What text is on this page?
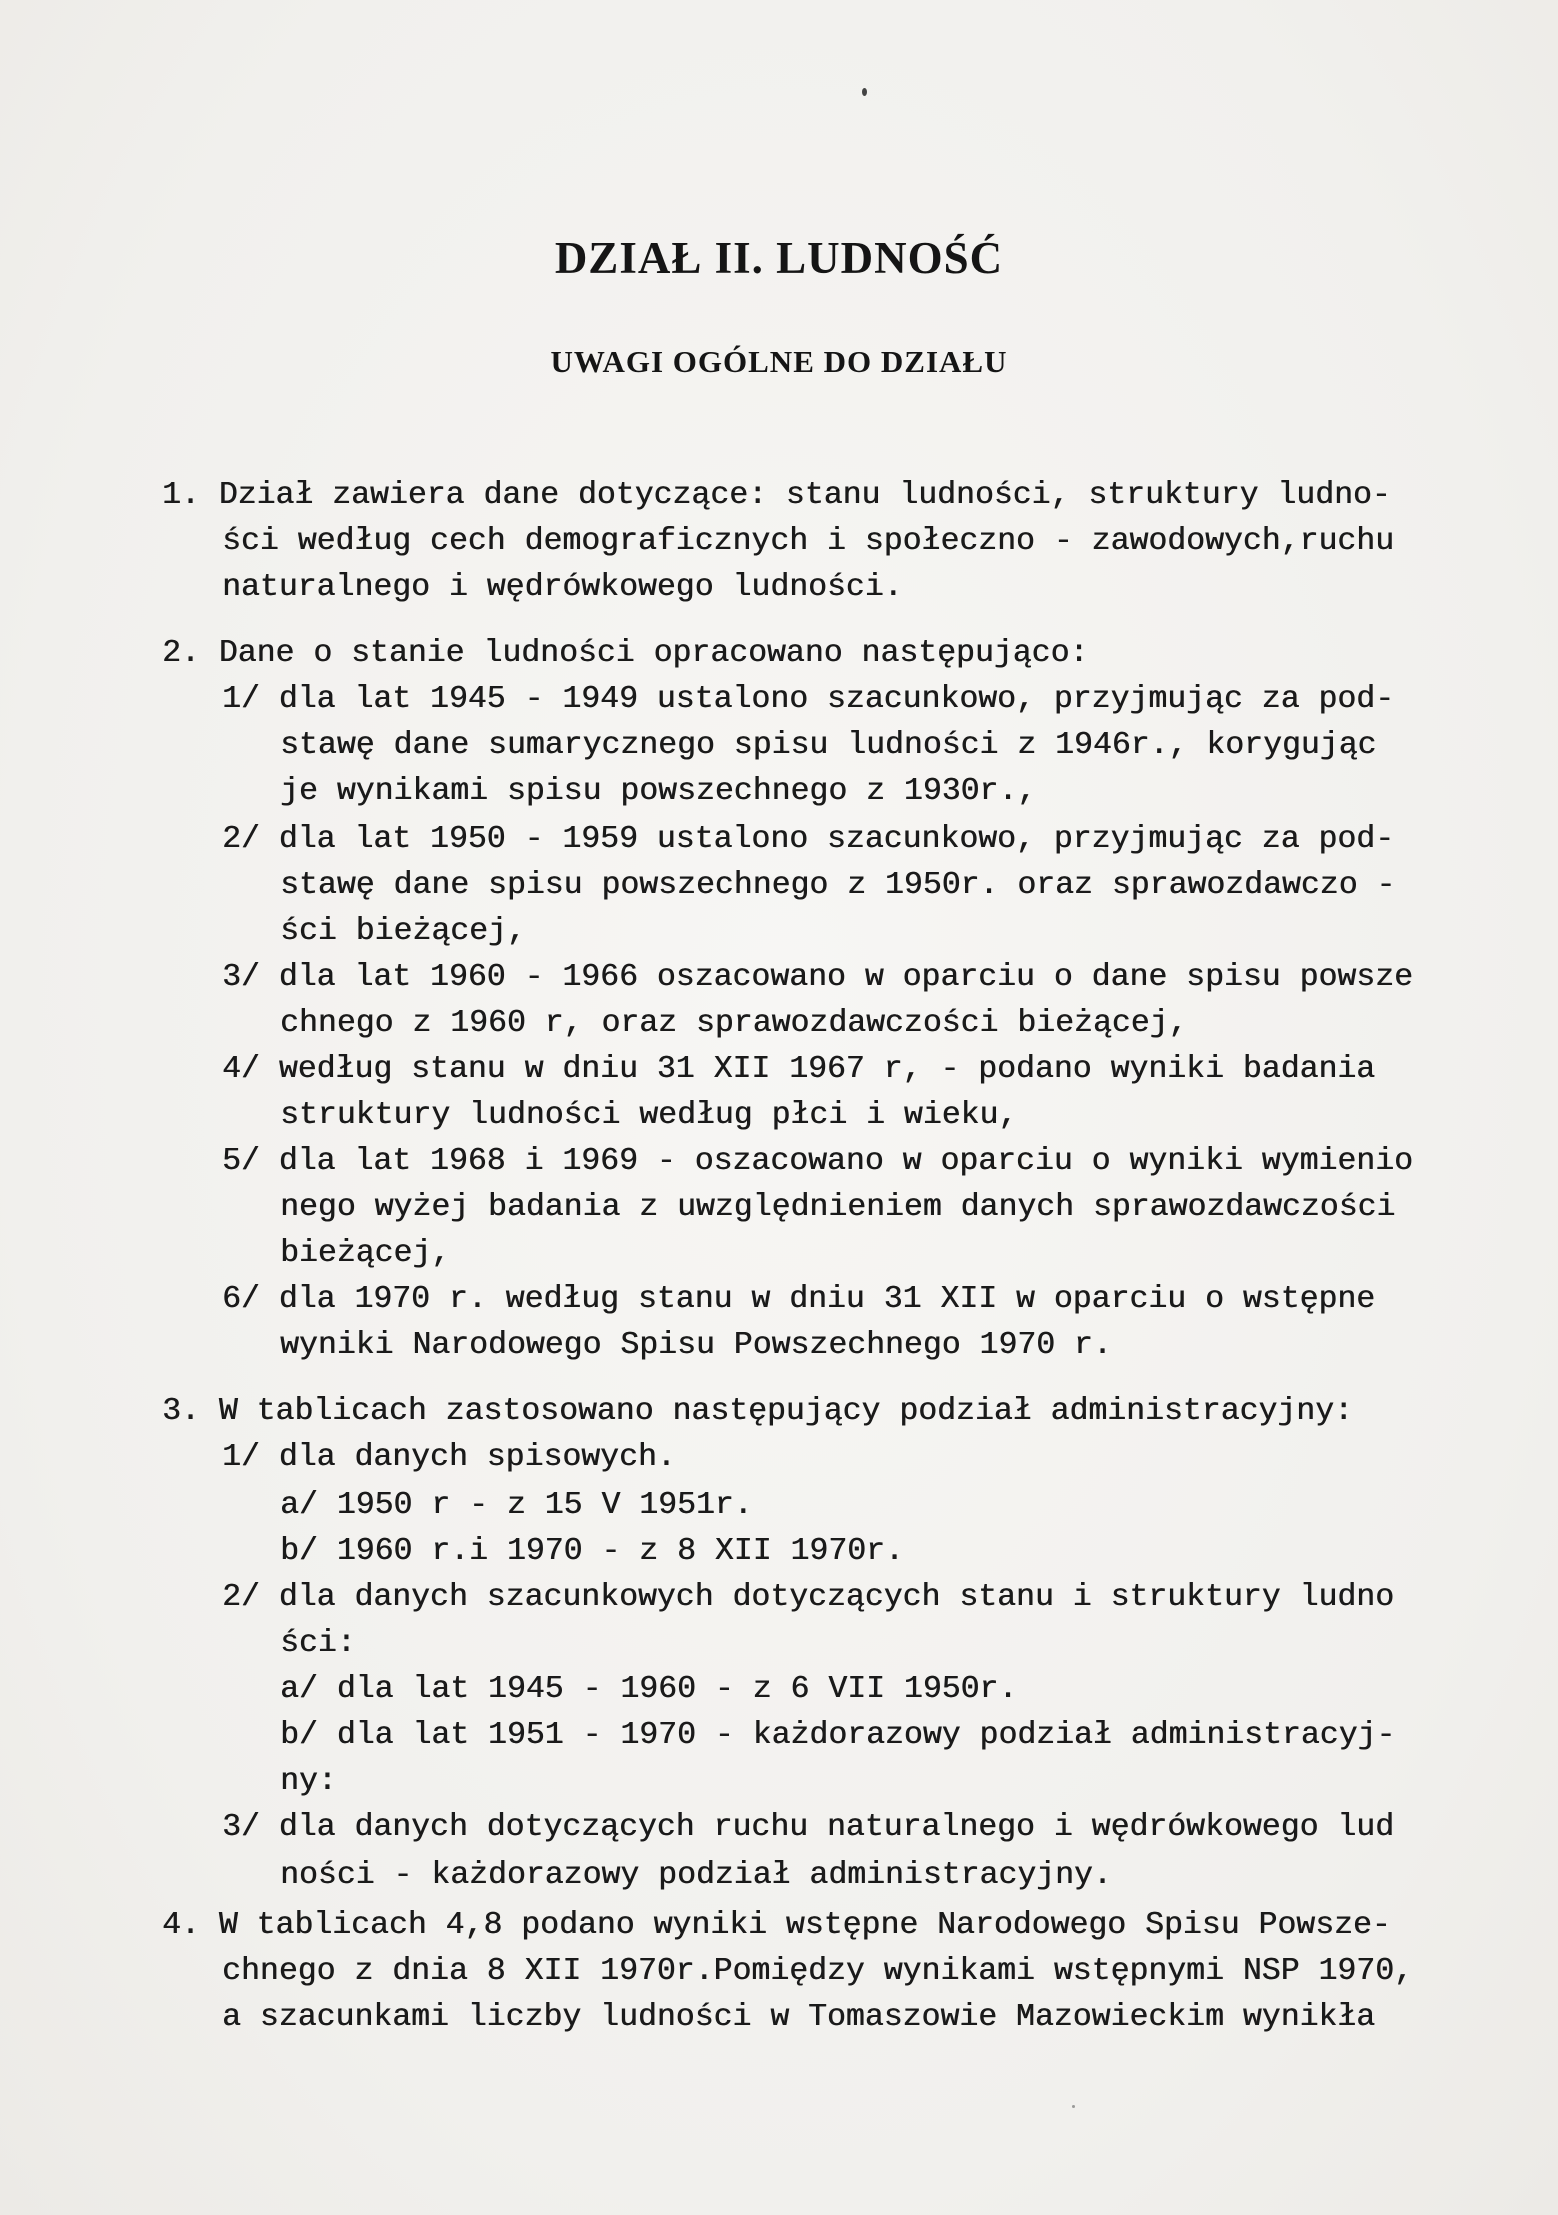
DZIAŁ II. LUDNOŚĆ
UWAGI OGÓLNE DO DZIAŁU
1. Dział zawiera dane dotyczące: stanu ludności, struktury ludno-
ści według cech demograficznych i społeczno - zawodowych,ruchu
naturalnego i wędrówkowego ludności.
2. Dane o stanie ludności opracowano następująco:
1/ dla lat 1945 - 1949 ustalono szacunkowo, przyjmując za pod-
stawę dane sumarycznego spisu ludności z 1946r., korygując
je wynikami spisu powszechnego z 1930r.,
2/ dla lat 1950 - 1959 ustalono szacunkowo, przyjmując za pod-
stawę dane spisu powszechnego z 1950r. oraz sprawozdawczo -
ści bieżącej,
3/ dla lat 1960 - 1966 oszacowano w oparciu o dane spisu powsze
chnego z 1960 r, oraz sprawozdawczości bieżącej,
4/ według stanu w dniu 31 XII 1967 r, - podano wyniki badania
struktury ludności według płci i wieku,
5/ dla lat 1968 i 1969 - oszacowano w oparciu o wyniki wymienio
nego wyżej badania z uwzględnieniem danych sprawozdawczości
bieżącej,
6/ dla 1970 r. według stanu w dniu 31 XII w oparciu o wstępne
wyniki Narodowego Spisu Powszechnego 1970 r.
3. W tablicach zastosowano następujący podział administracyjny:
1/ dla danych spisowych.
a/ 1950 r - z 15 V 1951r.
b/ 1960 r.i 1970 - z 8 XII 1970r.
2/ dla danych szacunkowych dotyczących stanu i struktury ludno
ści:
a/ dla lat 1945 - 1960 - z 6 VII 1950r.
b/ dla lat 1951 - 1970 - każdorazowy podział administracyj-
ny:
3/ dla danych dotyczących ruchu naturalnego i wędrówkowego lud
ności - każdorazowy podział administracyjny.
4. W tablicach 4,8 podano wyniki wstępne Narodowego Spisu Powsze-
chnego z dnia 8 XII 1970r.Pomiędzy wynikami wstępnymi NSP 1970,
a szacunkami liczby ludności w Tomaszowie Mazowieckim wynikła
